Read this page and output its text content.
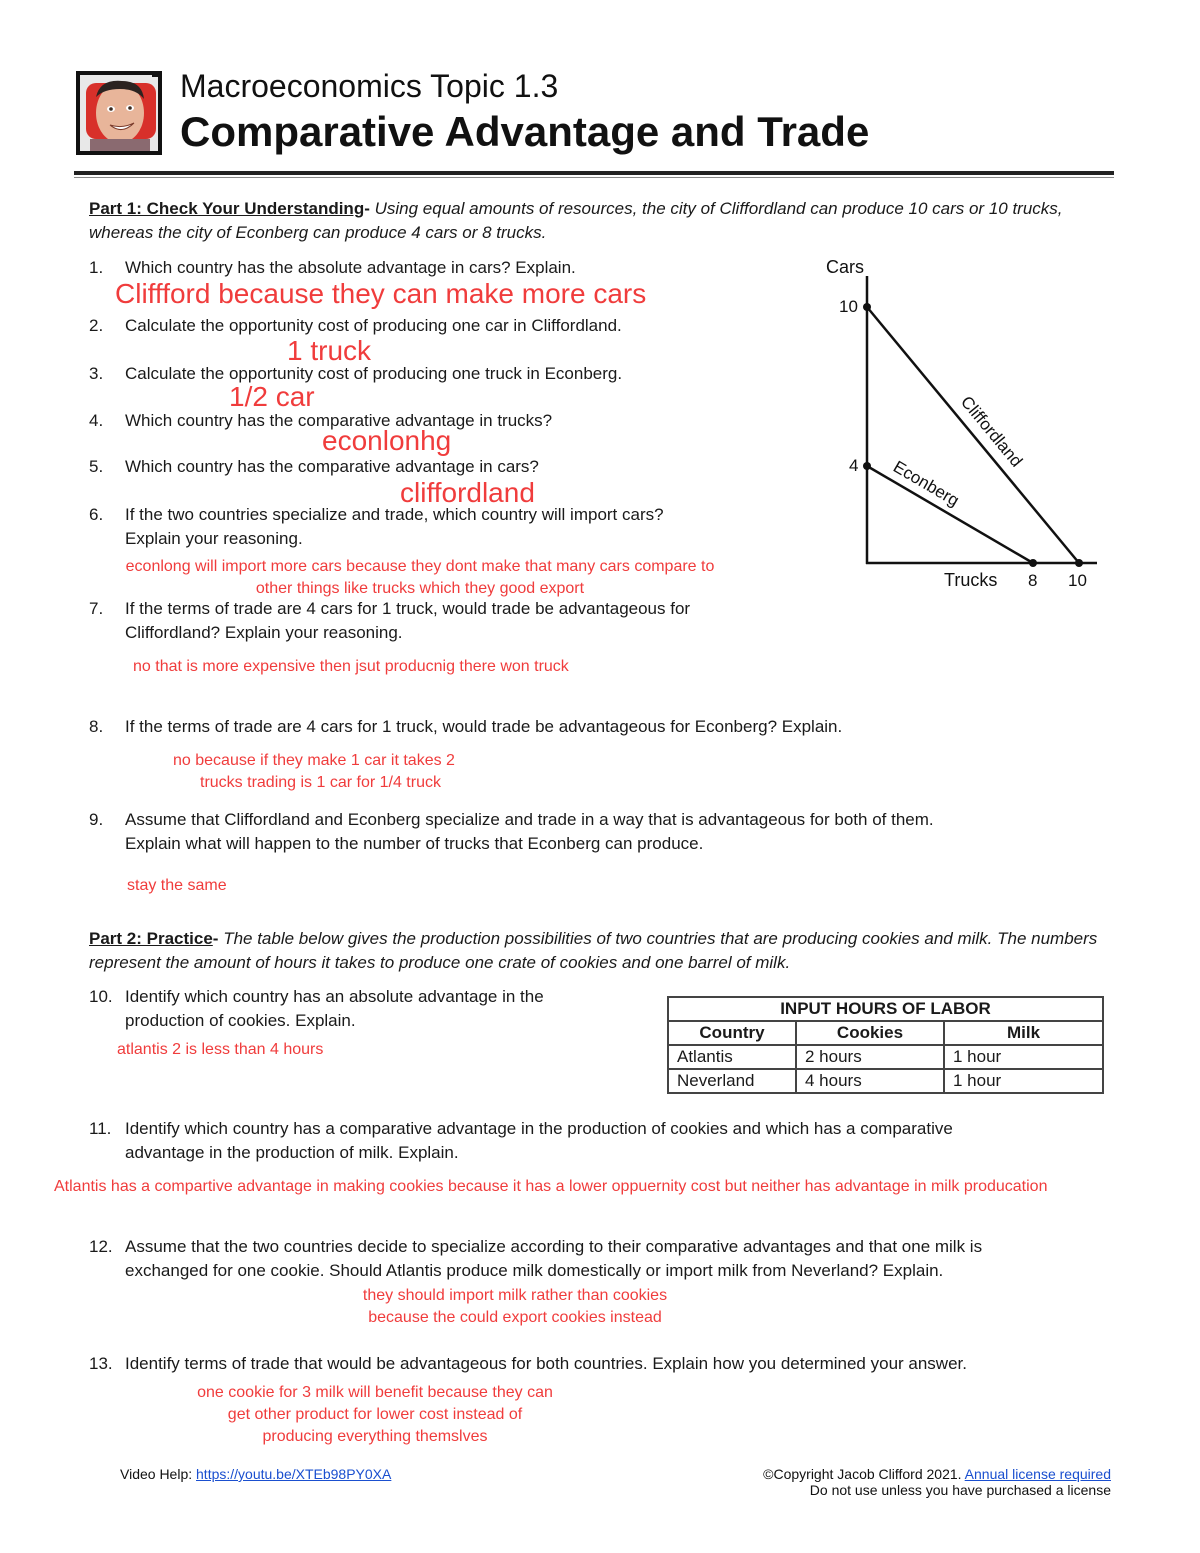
Macroeconomics Topic 1.3
Comparative Advantage and Trade
Part 1: Check Your Understanding- Using equal amounts of resources, the city of Cliffordland can produce 10 cars or 10 trucks, whereas the city of Econberg can produce 4 cars or 8 trucks.
1. Which country has the absolute advantage in cars? Explain.
Cliffford because they can make more cars
2. Calculate the opportunity cost of producing one car in Cliffordland.
1 truck
3. Calculate the opportunity cost of producing one truck in Econberg.
1/2 car
4. Which country has the comparative advantage in trucks?
econlonhg
5. Which country has the comparative advantage in cars?
cliffordland
6. If the two countries specialize and trade, which country will import cars?
Explain your reasoning.
econlong will import more cars because they dont make that many cars compare to
other things like trucks which they good export
7. If the terms of trade are 4 cars for 1 truck, would trade be advantageous for
Cliffordland? Explain your reasoning.
no that is more expensive then jsut producnig there won truck
8. If the terms of trade are 4 cars for 1 truck, would trade be advantageous for Econberg? Explain.
no because if they make 1 car it takes 2
trucks trading is 1 car for 1/4 truck
9. Assume that Cliffordland and Econberg specialize and trade in a way that is advantageous for both of them.
Explain what will happen to the number of trucks that Econberg can produce.
stay the same
Cars
10
4
Trucks 8 10
Cliffordland
Econberg
Part 2: Practice- The table below gives the production possibilities of two countries that are producing cookies and milk. The numbers represent the amount of hours it takes to produce one crate of cookies and one barrel of milk.
10. Identify which country has an absolute advantage in the
production of cookies. Explain.
atlantis 2 is less than 4 hours
INPUT HOURS OF LABOR		
Country	Cookies	Milk
Atlantis	2 hours	1 hour
Neverland	4 hours	1 hour
11. Identify which country has a comparative advantage in the production of cookies and which has a comparative
advantage in the production of milk. Explain.
Atlantis has a compartive advantage in making cookies because it has a lower oppuernity cost but neither has advantage in milk producation
12. Assume that the two countries decide to specialize according to their comparative advantages and that one milk is
exchanged for one cookie. Should Atlantis produce milk domestically or import milk from Neverland? Explain.
they should import milk rather than cookies
because the could export cookies instead
13. Identify terms of trade that would be advantageous for both countries. Explain how you determined your answer.
one cookie for 3 milk will benefit because they can
get other product for lower cost instead of
producing everything themslves
Video Help: https://youtu.be/XTEb98PY0XA	©Copyright Jacob Clifford 2021. Annual license required
Do not use unless you have purchased a license
